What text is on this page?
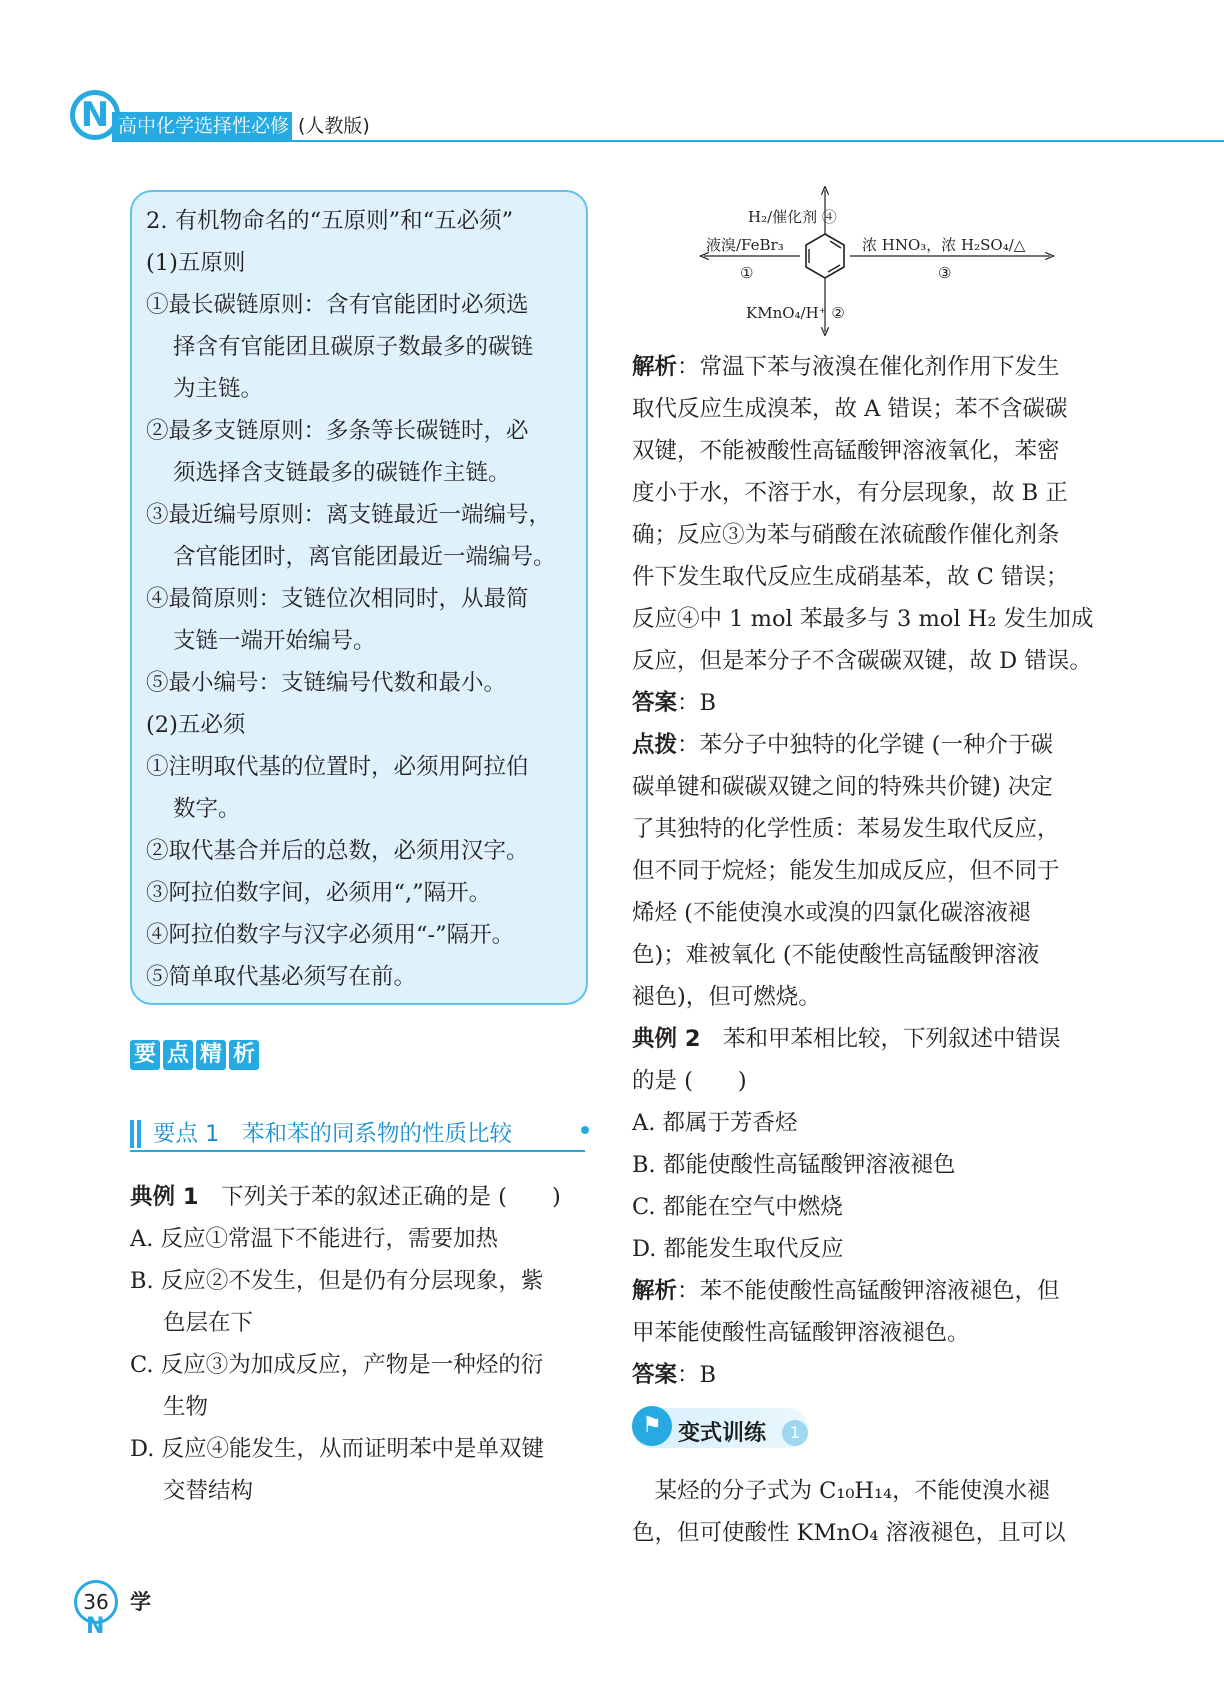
N 高中化学选择性必修 3
(人教版)
2. 有机物命名的“五原则”和“五必须”
(1)五原则
①最长碳链原则：含有官能团时必须选
择含有官能团且碳原子数最多的碳链
为主链。
②最多支链原则：多条等长碳链时，必
须选择含支链最多的碳链作主链。
③最近编号原则：离支链最近一端编号，
含官能团时，离官能团最近一端编号。
④最简原则：支链位次相同时，从最简
支链一端开始编号。
⑤最小编号：支链编号代数和最小。
(2)五必须
①注明取代基的位置时，必须用阿拉伯
数字。
②取代基合并后的总数，必须用汉字。
③阿拉伯数字间，必须用“,”隔开。
④阿拉伯数字与汉字必须用“-”隔开。
⑤简单取代基必须写在前。
要 点 精 析
要点 1　苯和苯的同系物的性质比较
典例 1　 下列关于苯的叙述正确的是 (　　)
A. 反应①常温下不能进行，需要加热
B. 反应②不发生，但是仍有分层现象，紫
色层在下
C. 反应③为加成反应，产物是一种烃的衍
生物
D. 反应④能发生，从而证明苯中是单双键
交替结构
H₂/催化剂 ④
液溴/FeBr₃
①
浓 HNO₃，浓 H₂SO₄/△
③
KMnO₄/H⁺ ②
解析：常温下苯与液溴在催化剂作用下发生
取代反应生成溴苯，故 A 错误；苯不含碳碳
双键，不能被酸性高锰酸钾溶液氧化，苯密
度小于水，不溶于水，有分层现象，故 B 正
确；反应③为苯与硝酸在浓硫酸作催化剂条
件下发生取代反应生成硝基苯，故 C 错误；
反应④中 1 mol 苯最多与 3 mol H₂ 发生加成
反应，但是苯分子不含碳碳双键，故 D 错误。
答案：B
点拨：苯分子中独特的化学键 (一种介于碳
碳单键和碳碳双键之间的特殊共价键) 决定
了其独特的化学性质：苯易发生取代反应，
但不同于烷烃；能发生加成反应，但不同于
烯烃 (不能使溴水或溴的四氯化碳溶液褪
色)；难被氧化 (不能使酸性高锰酸钾溶液
褪色)，但可燃烧。
典例 2　苯和甲苯相比较，下列叙述中错误
的是 (　　)
A. 都属于芳香烃
B. 都能使酸性高锰酸钾溶液褪色
C. 都能在空气中燃烧
D. 都能发生取代反应
解析：苯不能使酸性高锰酸钾溶液褪色，但
甲苯能使酸性高锰酸钾溶液褪色。
答案：B
⚑ 变式训练	1
　某烃的分子式为 C₁₀H₁₄，不能使溴水褪
色，但可使酸性 KMnO₄ 溶液褪色，且可以
36
N
学
